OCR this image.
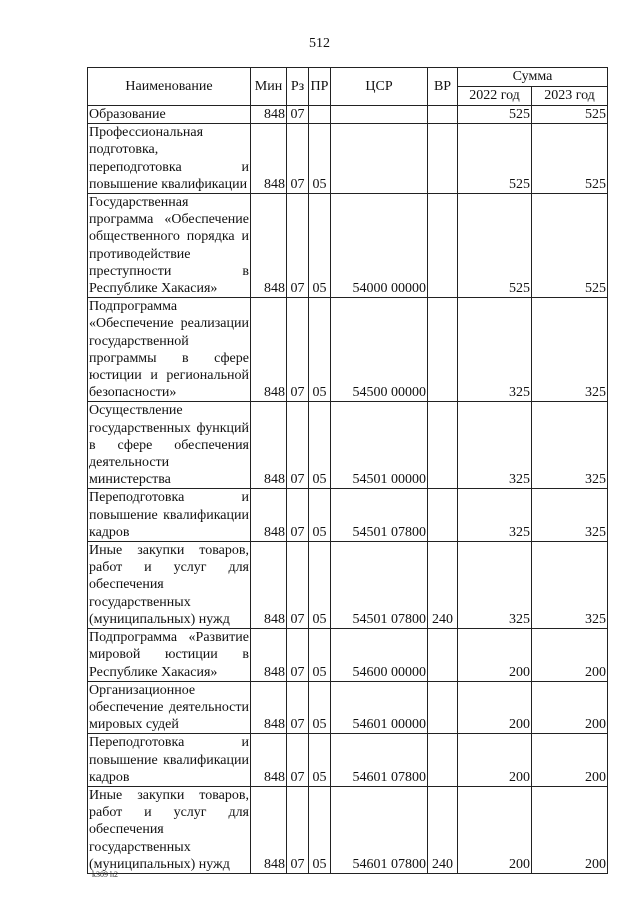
512
Наименование	Мин	Рз	ПР	ЦСР	ВР	Сумма	
						2022 год	2023 год
Образование	848	07				525	525
Профессиональная подготовка, переподготовка и повышение квалификации	848	07	05			525	525
Государственная программа «Обеспечение общественного порядка и противодействие преступности в Республике Хакасия»	848	07	05	54000 00000		525	525
Подпрограмма «Обеспечение реализации государственной программы в сфере юстиции и региональной безопасности»	848	07	05	54500 00000		325	325
Осуществление государственных функций в сфере обеспечения деятельности министерства	848	07	05	54501 00000		325	325
Переподготовка и повышение квалификации кадров	848	07	05	54501 07800		325	325
Иные закупки товаров, работ и услуг для обеспечения государственных (муниципальных) нужд	848	07	05	54501 07800	240	325	325
Подпрограмма «Развитие мировой юстиции в Республике Хакасия»	848	07	05	54600 00000		200	200
Организационное обеспечение деятельности мировых судей	848	07	05	54601 00000		200	200
Переподготовка и повышение квалификации кадров	848	07	05	54601 07800		200	200
Иные закупки товаров, работ и услуг для обеспечения государственных (муниципальных) нужд	848	07	05	54601 07800	240	200	200
k309 h2
